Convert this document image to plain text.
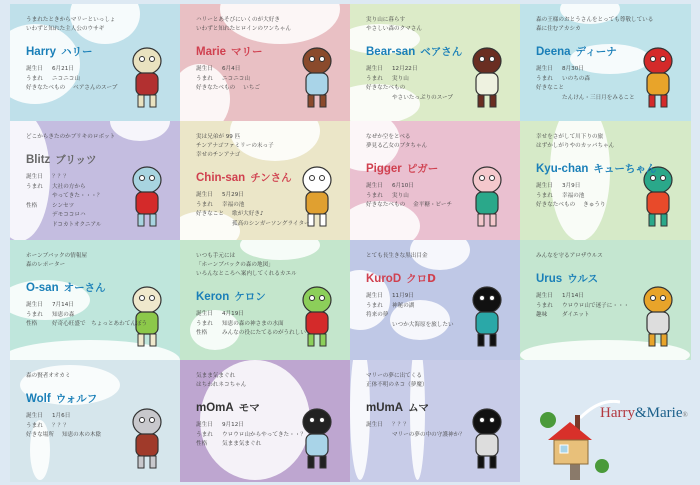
うまれたときからマリーといっしょ
いわずと知れた主人公のウサギ
Harry ハリー
誕生日	6月21日
うまれ	ニコニコ山
好きなたべもの ベアさんのスープ
ハリーとあそびにいくのが大好き
いわずと知れたヒロインのワンちゃん
Marie マリー
誕生日	6月4日
うまれ	ニコニコ山
好きなたべもの いちご
実り山に暮らす
やさしい森のクマさん
Bear-san ベアさん
誕生日	12月22日
うまれ	実り山
好きなたべもの
やさいたっぷりのスープ
森の王様のおとうさんをとっても尊敬している
森に住むアカシカ
Deena ディーナ
誕生日	8月30日
うまれ	いのちの森
好きなこと
たんけん・三日月をみること
どこからきたのかブリキのロボット
Blitz ブリッツ
誕生日	？？？
うまれ	大社の方から
やってきた・・・？
性格	シンセツ
デモココロハ
ドコカトオクニアル
実は兄弟が 99 匹
チンアナゴファミリーの末っ子
幸せのチンアナゴ
Chin-san チンさん
誕生日	5月29日
うまれ	幸福の池
好きなこと 歌が大好き♪
孤高のシンガーソングライター
なぜか空をとべる
夢見る乙女のブタちゃん
Pigger ピガー
誕生日	6月10日
うまれ	実り山
好きなたべもの 金平糖・ピーチ
幸せをさがして川下りの旅
はずかしがりやのカッパちゃん
Kyu-chan キューちゃん
誕生日	3月9日
うまれ	幸福の池
好きなたべもの きゅうり
ホーンブバックの情報屋
森のレポーター
O-san オーさん
誕生日	7月14日
うまれ	知恵の森
性格	好奇心旺盛で　ちょっとあわてんぼう
いつも手元には
「ホーンブバックの森の地図」
いろんなところへ案内してくれるカエル
Keron ケロン
誕生日	4月19日
うまれ	知恵の森の神さまの水面
性格	みんなの役にたてるのがうれしい
とても長生きな黒出目金
KuroD クロD
誕生日	11月9日
うまれ	神秘の湖
将来の夢
いつか大海原を旅したい
みんなを守るアロザウルス
Urus ウルス
誕生日	1月14日
うまれ	ウロウロ山で迷子に・・・
趣味	ダイエット
森の賢者オオカミ
Wolf ウォルフ
誕生日	1月6日
うまれ	？？？
好きな場所 知恵の木の木陰
気まま気まぐれ
はちわれネコちゃん
mOmA モマ
誕生日	9月12日
うまれ	ウロウロ山からやってきた・・？
性格	気まま気まぐれ
マリーの夢に出てくる
正体不明のネコ（夢魔）
mUmA ムマ
誕生日	？？？
マリーの夢の中の守護神か？
Harry&Marie®
